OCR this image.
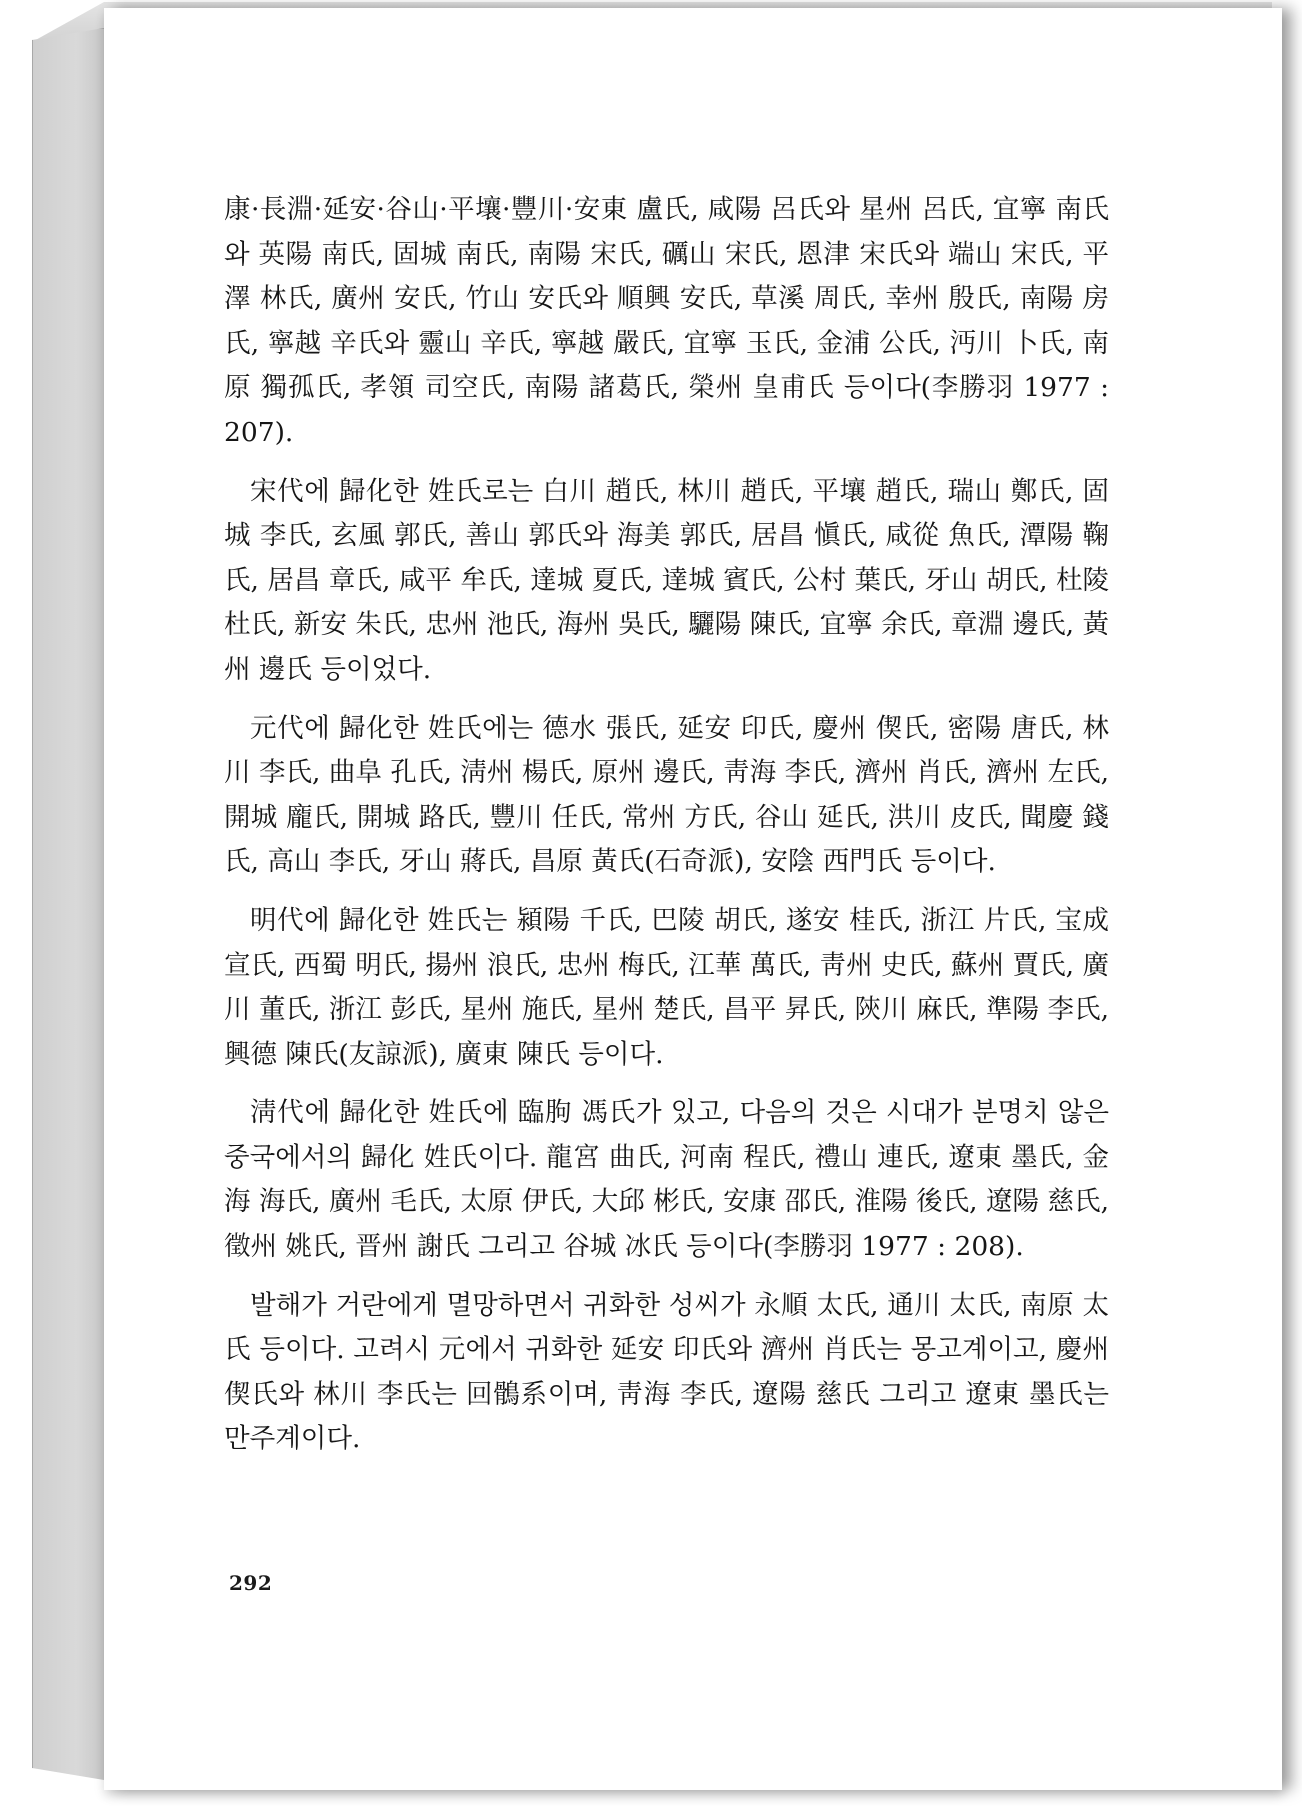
康·長淵·延安·谷山·平壤·豐川·安東 盧氏, 咸陽 呂氏와 星州 呂氏, 宜寧 南氏와 英陽 南氏, 固城 南氏, 南陽 宋氏, 礪山 宋氏, 恩津 宋氏와 端山 宋氏, 平澤 林氏, 廣州 安氏, 竹山 安氏와 順興 安氏, 草溪 周氏, 幸州 殷氏, 南陽 房氏, 寧越 辛氏와 靈山 辛氏, 寧越 嚴氏, 宜寧 玉氏, 金浦 公氏, 沔川 卜氏, 南原 獨孤氏, 孝領 司空氏, 南陽 諸葛氏, 榮州 皇甫氏 등이다(李勝羽 1977 : 207).

宋代에 歸化한 姓氏로는 白川 趙氏, 林川 趙氏, 平壤 趙氏, 瑞山 鄭氏, 固城 李氏, 玄風 郭氏, 善山 郭氏와 海美 郭氏, 居昌 愼氏, 咸從 魚氏, 潭陽 鞠氏, 居昌 章氏, 咸平 牟氏, 達城 夏氏, 達城 賓氏, 公村 葉氏, 牙山 胡氏, 杜陵 杜氏, 新安 朱氏, 忠州 池氏, 海州 吳氏, 驪陽 陳氏, 宜寧 余氏, 章淵 邊氏, 黃州 邊氏 등이었다.

元代에 歸化한 姓氏에는 德水 張氏, 延安 印氏, 慶州 偰氏, 密陽 唐氏, 林川 李氏, 曲阜 孔氏, 淸州 楊氏, 原州 邊氏, 靑海 李氏, 濟州 肖氏, 濟州 左氏, 開城 龐氏, 開城 路氏, 豐川 任氏, 常州 方氏, 谷山 延氏, 洪川 皮氏, 聞慶 錢氏, 高山 李氏, 牙山 蔣氏, 昌原 黃氏(石奇派), 安陰 西門氏 등이다.

明代에 歸化한 姓氏는 潁陽 千氏, 巴陵 胡氏, 遂安 桂氏, 浙江 片氏, 宝成 宣氏, 西蜀 明氏, 揚州 浪氏, 忠州 梅氏, 江華 萬氏, 靑州 史氏, 蘇州 賈氏, 廣川 董氏, 浙江 彭氏, 星州 施氏, 星州 楚氏, 昌平 昇氏, 陝川 麻氏, 準陽 李氏, 興德 陳氏(友諒派), 廣東 陳氏 등이다.

淸代에 歸化한 姓氏에 臨朐 馮氏가 있고, 다음의 것은 시대가 분명치 않은 중국에서의 歸化 姓氏이다. 龍宮 曲氏, 河南 程氏, 禮山 連氏, 遼東 墨氏, 金海 海氏, 廣州 毛氏, 太原 伊氏, 大邱 彬氏, 安康 邵氏, 淮陽 後氏, 遼陽 慈氏, 徵州 姚氏, 晋州 謝氏 그리고 谷城 冰氏 등이다(李勝羽 1977 : 208).

발해가 거란에게 멸망하면서 귀화한 성씨가 永順 太氏, 通川 太氏, 南原 太氏 등이다. 고려시 元에서 귀화한 延安 印氏와 濟州 肖氏는 몽고계이고, 慶州 偰氏와 林川 李氏는 回鶻系이며, 靑海 李氏, 遼陽 慈氏 그리고 遼東 墨氏는 만주계이다.

292
